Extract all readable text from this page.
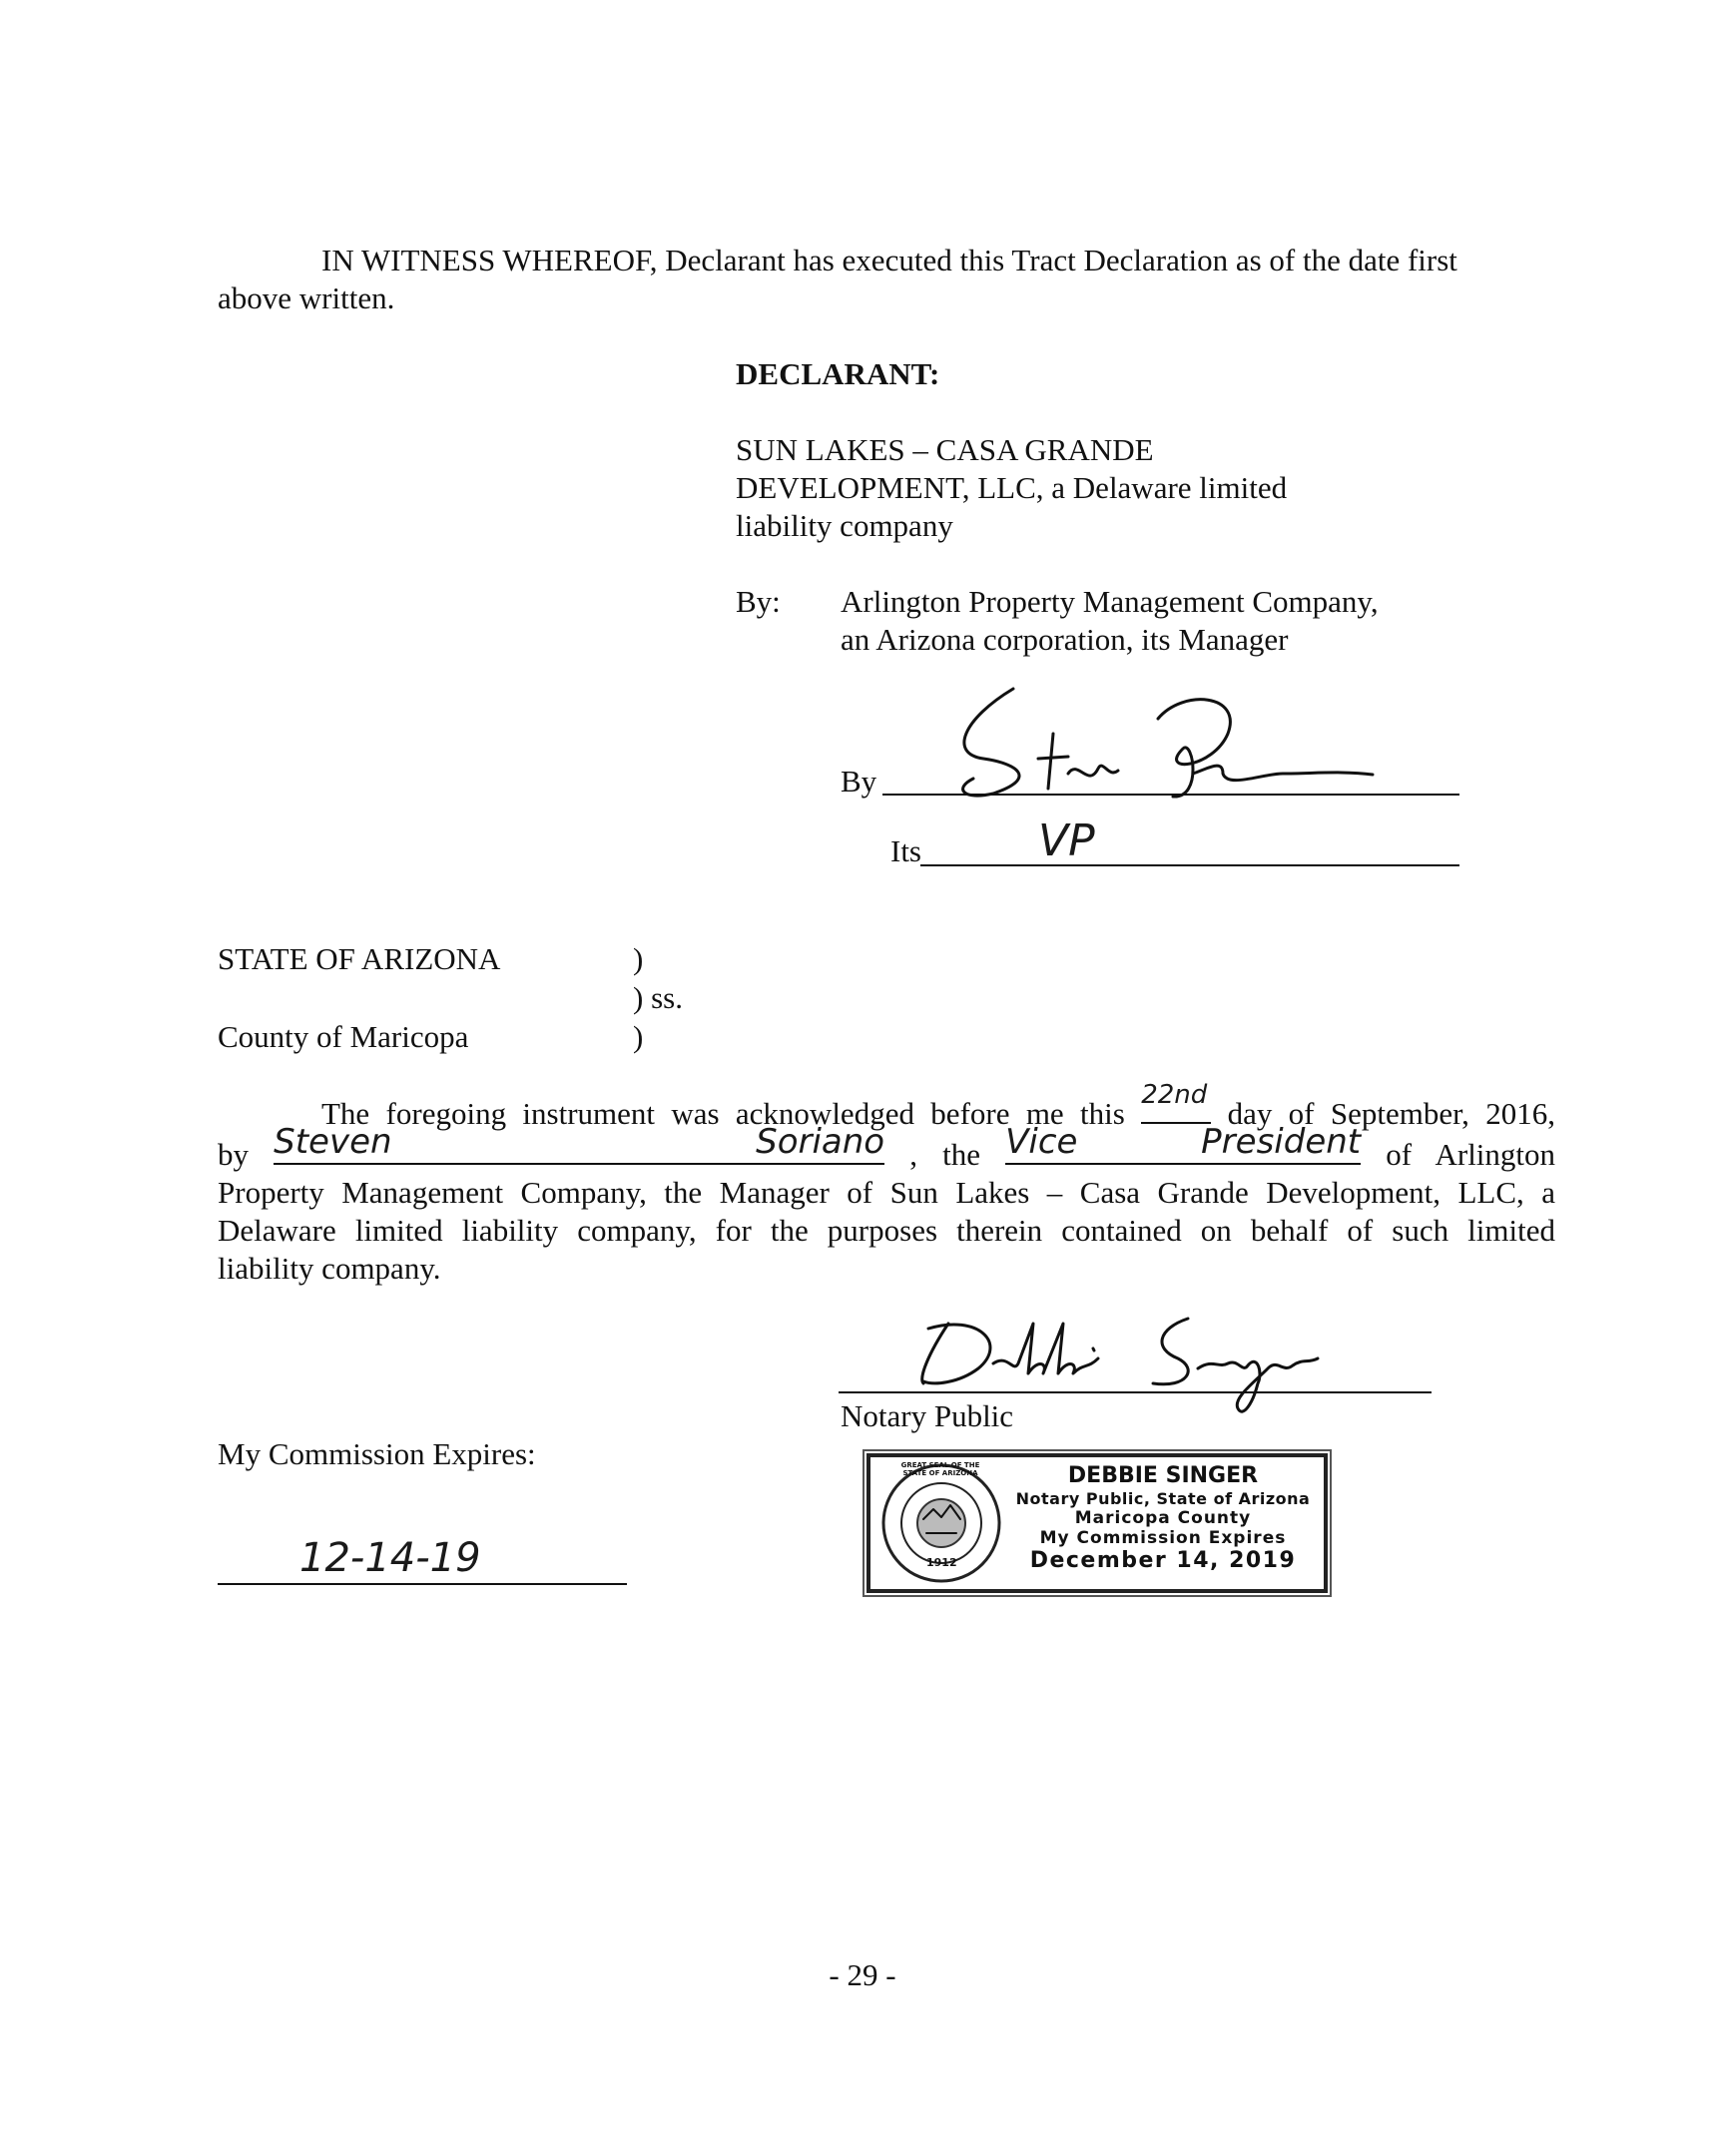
IN WITNESS WHEREOF, Declarant has executed this Tract Declaration as of the date first
above written.
DECLARANT:
SUN LAKES – CASA GRANDE
DEVELOPMENT, LLC, a Delaware limited
liability company
By: Arlington Property Management Company,
an Arizona corporation, its Manager
By
Its	VP
STATE OF ARIZONA	)
) ss.
County of Maricopa	)
The foregoing instrument was acknowledged before me this
22nd
day of September, 2016,
by Steven Soriano , the Vice President of Arlington
Property Management Company, the Manager of Sun Lakes – Casa Grande Development, LLC, a
Delaware limited liability company, for the purposes therein contained on behalf of such limited
liability company.
Notary Public
My Commission Expires:
12-14-19	1912
GREAT SEAL OF THE STATE OF ARIZONA	DEBBIE SINGER
Notary Public, State of Arizona
Maricopa County
My Commission Expires
December 14, 2019
- 29 -
